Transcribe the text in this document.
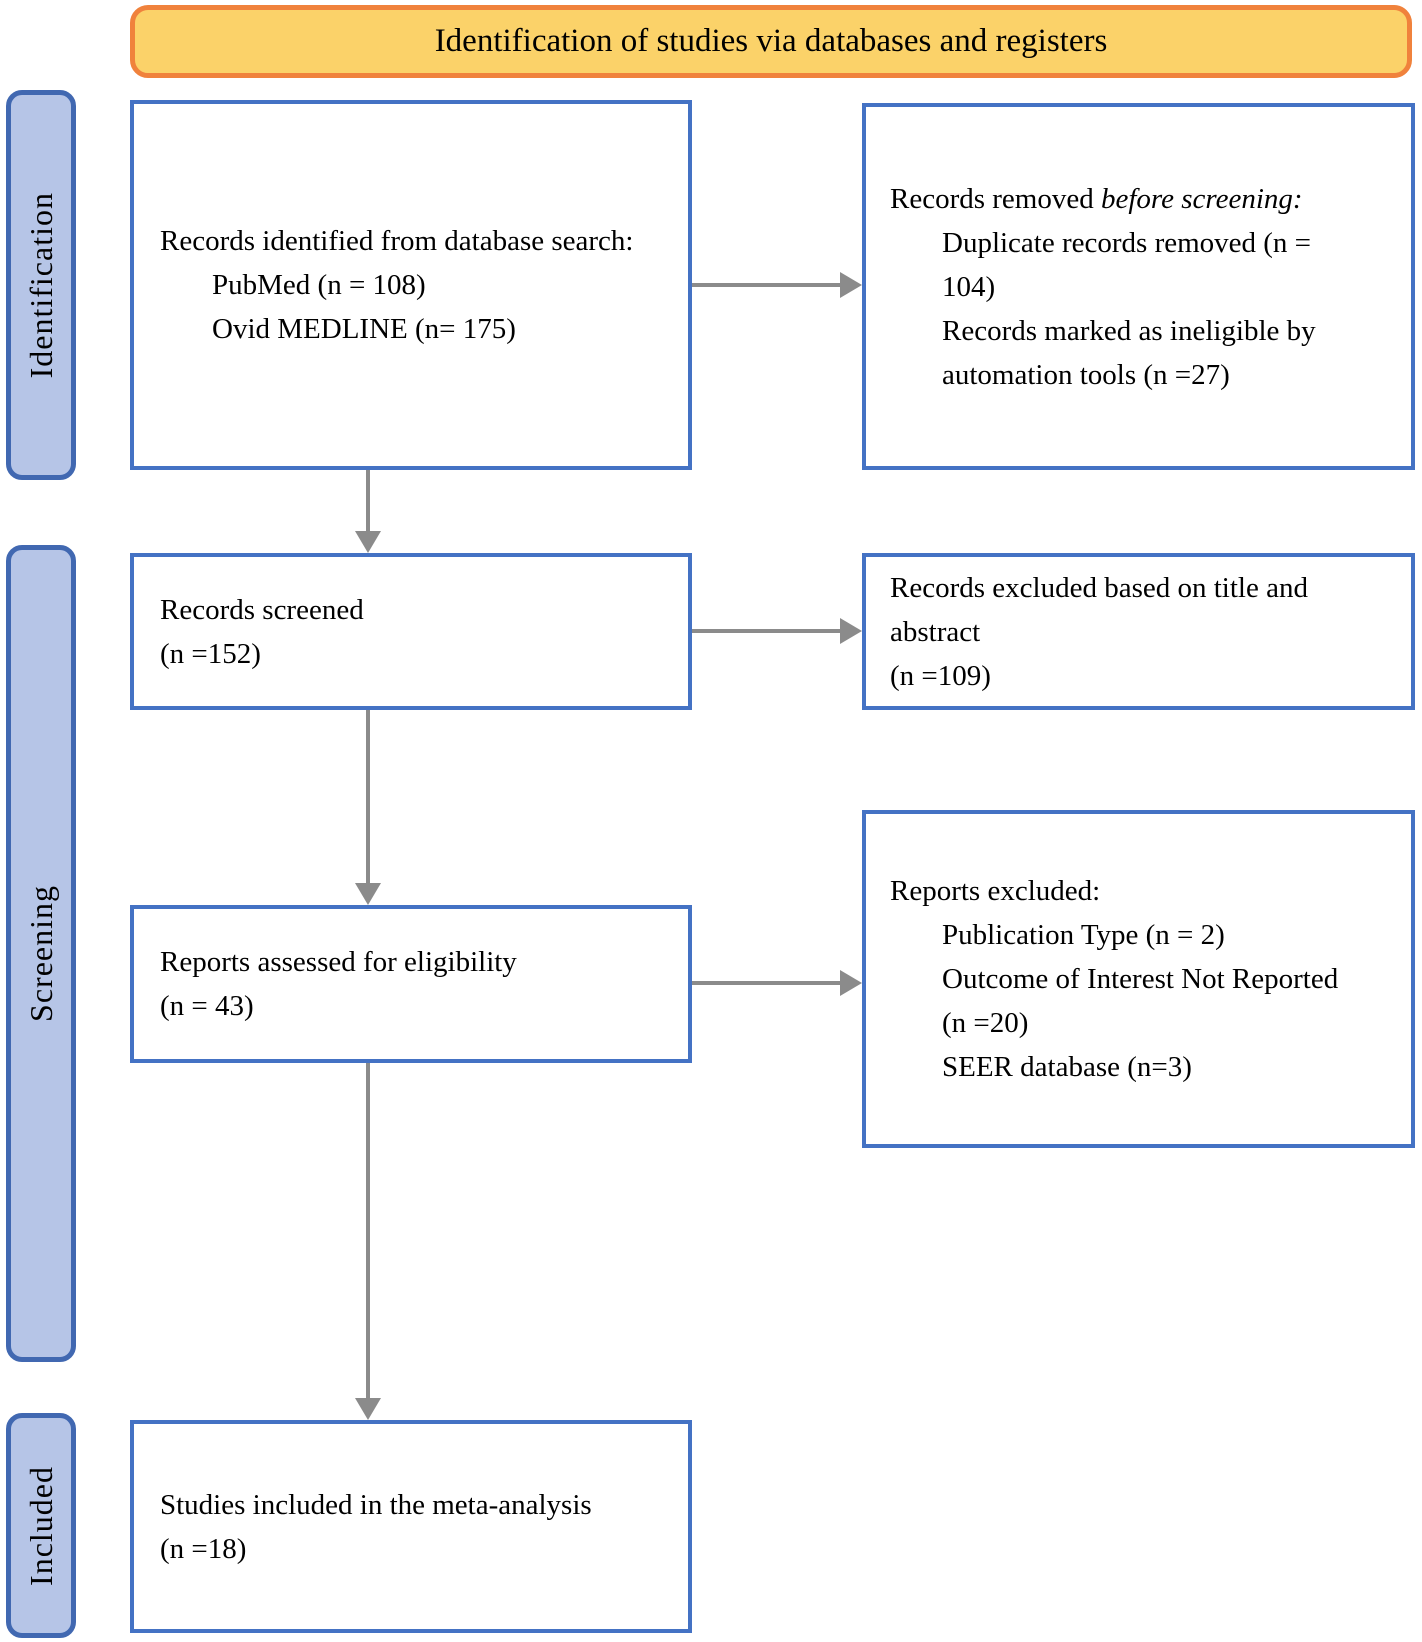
Identification of studies via databases and registers
Identification
Screening
Included
Records identified from database search:
PubMed (n = 108)
Ovid MEDLINE (n= 175)
Records removed before screening:
Duplicate records removed (n = 104)
Records marked as ineligible by automation tools (n =27)
Records screened
(n =152)
Records excluded based on title and abstract
(n =109)
Reports assessed for eligibility
(n = 43)
Reports excluded:
Publication Type (n = 2)
Outcome of Interest Not Reported (n =20)
SEER database (n=3)
Studies included in the meta-analysis
(n =18)
